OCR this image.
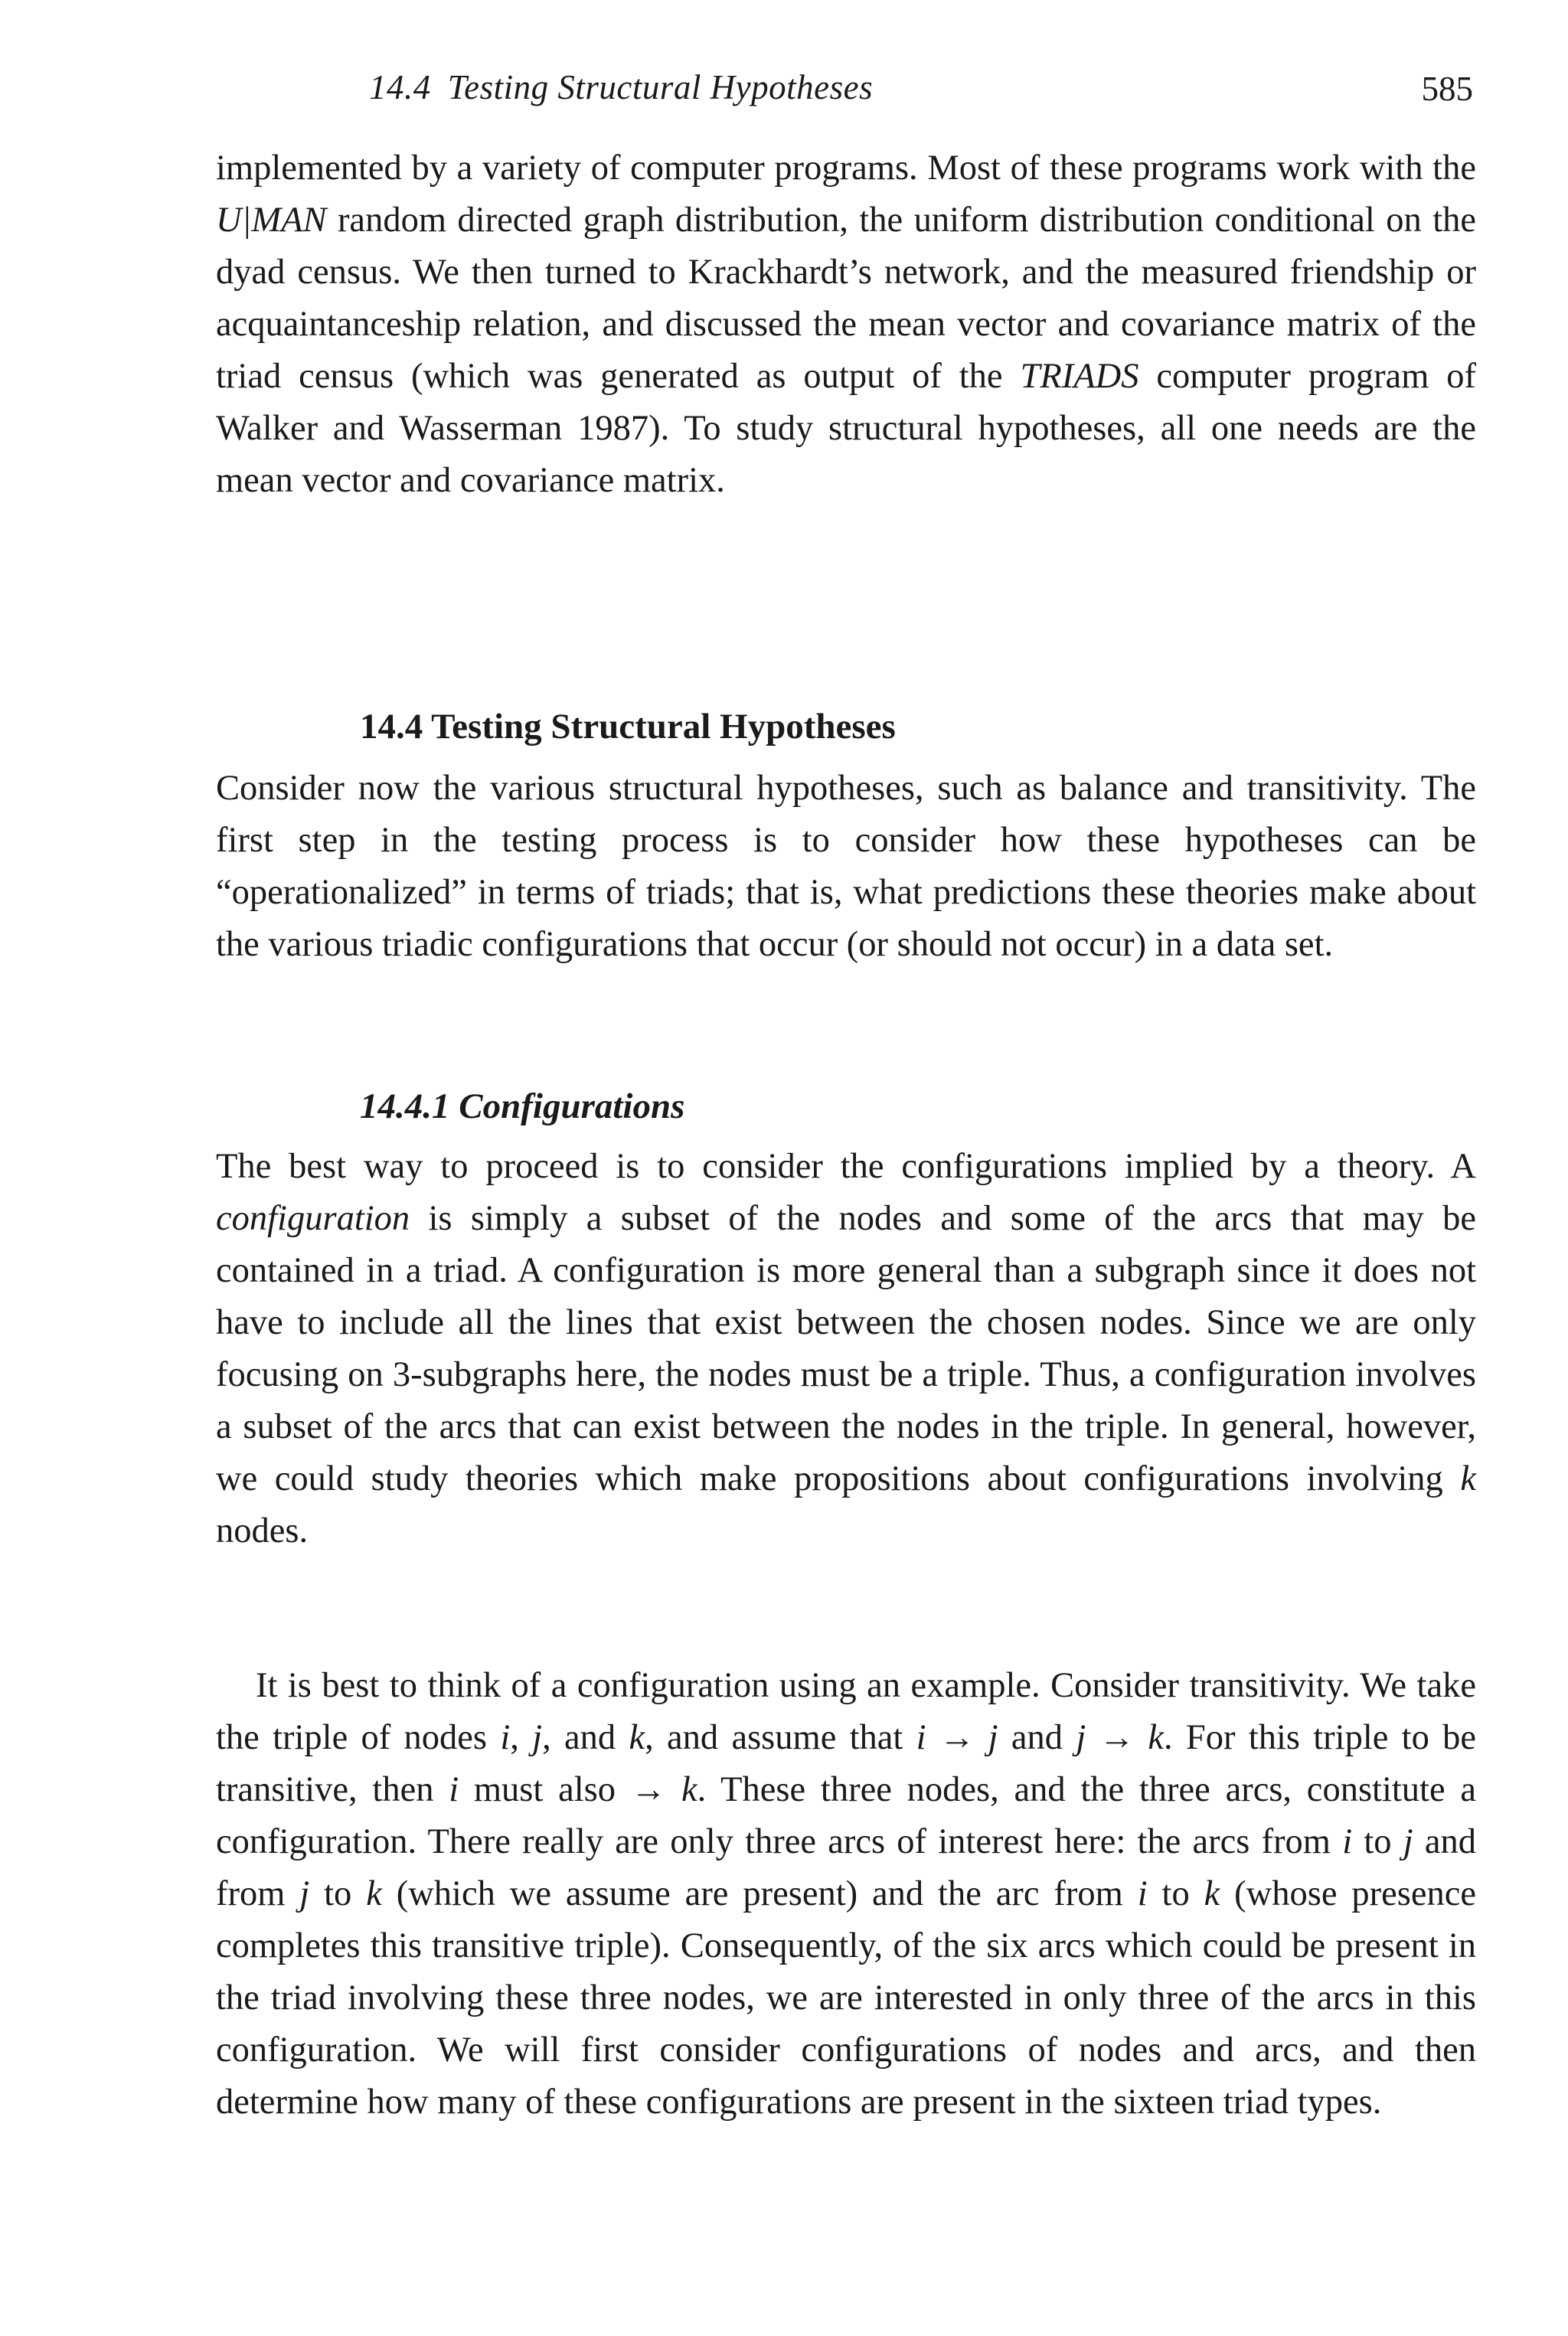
14.4 Testing Structural Hypotheses	585

implemented by a variety of computer programs. Most of these programs work with the U|MAN random directed graph distribution, the uniform distribution conditional on the dyad census. We then turned to Krackhardt’s network, and the measured friendship or acquaintanceship relation, and discussed the mean vector and covariance matrix of the triad census (which was generated as output of the TRIADS computer program of Walker and Wasserman 1987). To study structural hypotheses, all one needs are the mean vector and covariance matrix.

14.4 Testing Structural Hypotheses

Consider now the various structural hypotheses, such as balance and transitivity. The first step in the testing process is to consider how these hypotheses can be “operationalized” in terms of triads; that is, what predictions these theories make about the various triadic configurations that occur (or should not occur) in a data set.

14.4.1 Configurations

The best way to proceed is to consider the configurations implied by a theory. A configuration is simply a subset of the nodes and some of the arcs that may be contained in a triad. A configuration is more general than a subgraph since it does not have to include all the lines that exist between the chosen nodes. Since we are only focusing on 3-subgraphs here, the nodes must be a triple. Thus, a configuration involves a subset of the arcs that can exist between the nodes in the triple. In general, however, we could study theories which make propositions about configurations involving k nodes.

It is best to think of a configuration using an example. Consider transitivity. We take the triple of nodes i, j, and k, and assume that i → j and j → k. For this triple to be transitive, then i must also → k. These three nodes, and the three arcs, constitute a configuration. There really are only three arcs of interest here: the arcs from i to j and from j to k (which we assume are present) and the arc from i to k (whose presence completes this transitive triple). Consequently, of the six arcs which could be present in the triad involving these three nodes, we are interested in only three of the arcs in this configuration. We will first consider configurations of nodes and arcs, and then determine how many of these configurations are present in the sixteen triad types.
